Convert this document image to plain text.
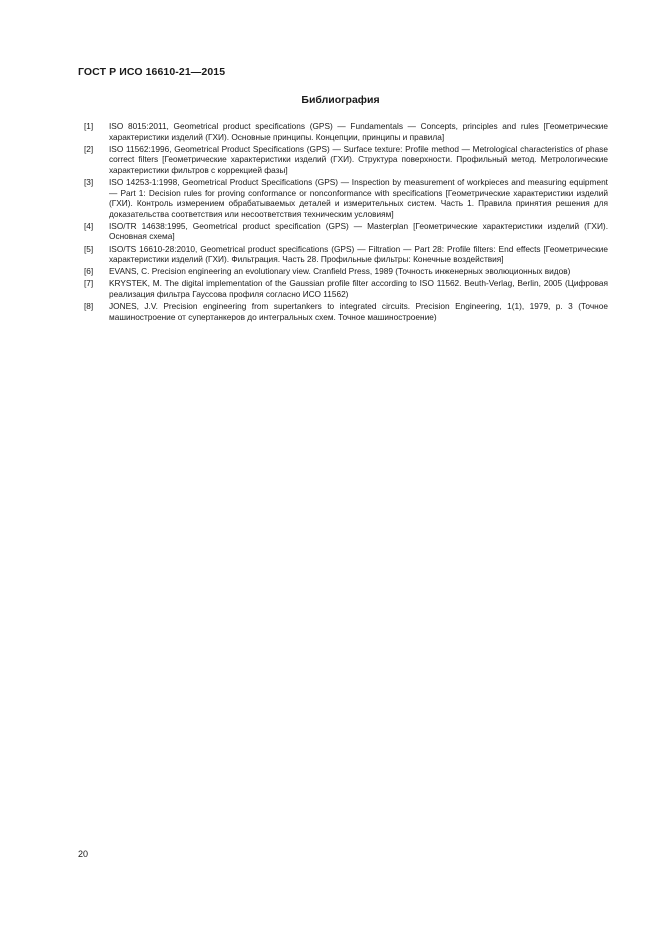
ГОСТ Р ИСО 16610-21—2015
Библиография
[1]	ISO 8015:2011, Geometrical product specifications (GPS) — Fundamentals — Concepts, principles and rules [Геометрические характеристики изделий (ГХИ). Основные принципы. Концепции, принципы и правила]
[2]	ISO 11562:1996, Geometrical Product Specifications (GPS) — Surface texture: Profile method — Metrological characteristics of phase correct filters [Геометрические характеристики изделий (ГХИ). Структура поверхности. Профильный метод. Метрологические характеристики фильтров с коррекцией фазы]
[3]	ISO 14253-1:1998, Geometrical Product Specifications (GPS) — Inspection by measurement of workpieces and measuring equipment — Part 1: Decision rules for proving conformance or nonconformance with specifications [Геометрические характеристики изделий (ГХИ). Контроль измерением обрабатываемых деталей и измерительных систем. Часть 1. Правила принятия решения для доказательства соответствия или несоответствия техническим условиям]
[4]	ISO/TR 14638:1995, Geometrical product specification (GPS) — Masterplan [Геометрические характеристики изделий (ГХИ). Основная схема]
[5]	ISO/TS 16610-28:2010, Geometrical product specifications (GPS) — Filtration — Part 28: Profile filters: End effects [Геометрические характеристики изделий (ГХИ). Фильтрация. Часть 28. Профильные фильтры: Конечные воздействия]
[6]	EVANS, C. Precision engineering an evolutionary view. Cranfield Press, 1989 (Точность инженерных эволюционных видов)
[7]	KRYSTEK, M. The digital implementation of the Gaussian profile filter according to ISO 11562. Beuth-Verlag, Berlin, 2005 (Цифровая реализация фильтра Гауссова профиля согласно ИСО 11562)
[8]	JONES, J.V. Precision engineering from supertankers to integrated circuits. Precision Engineering, 1(1), 1979, p. 3 (Точное машиностроение от супертанкеров до интегральных схем. Точное машиностроение)
20
